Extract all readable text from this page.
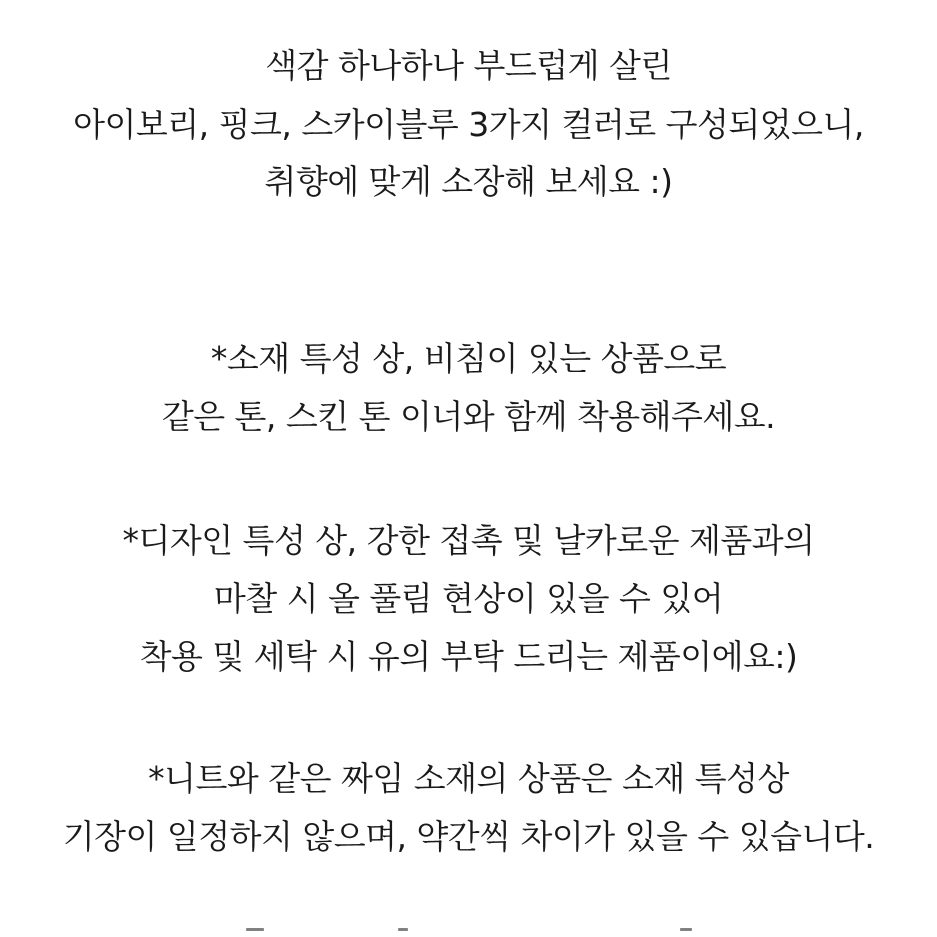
색감 하나하나 부드럽게 살린
아이보리, 핑크, 스카이블루 3가지 컬러로 구성되었으니,
취향에 맞게 소장해 보세요 :)
*소재 특성 상, 비침이 있는 상품으로
같은 톤, 스킨 톤 이너와 함께 착용해주세요.
*디자인 특성 상, 강한 접촉 및 날카로운 제품과의
마찰 시 올 풀림 현상이 있을 수 있어
착용 및 세탁 시 유의 부탁 드리는 제품이에요:)
*니트와 같은 짜임 소재의 상품은 소재 특성상
기장이 일정하지 않으며, 약간씩 차이가 있을 수 있습니다.
